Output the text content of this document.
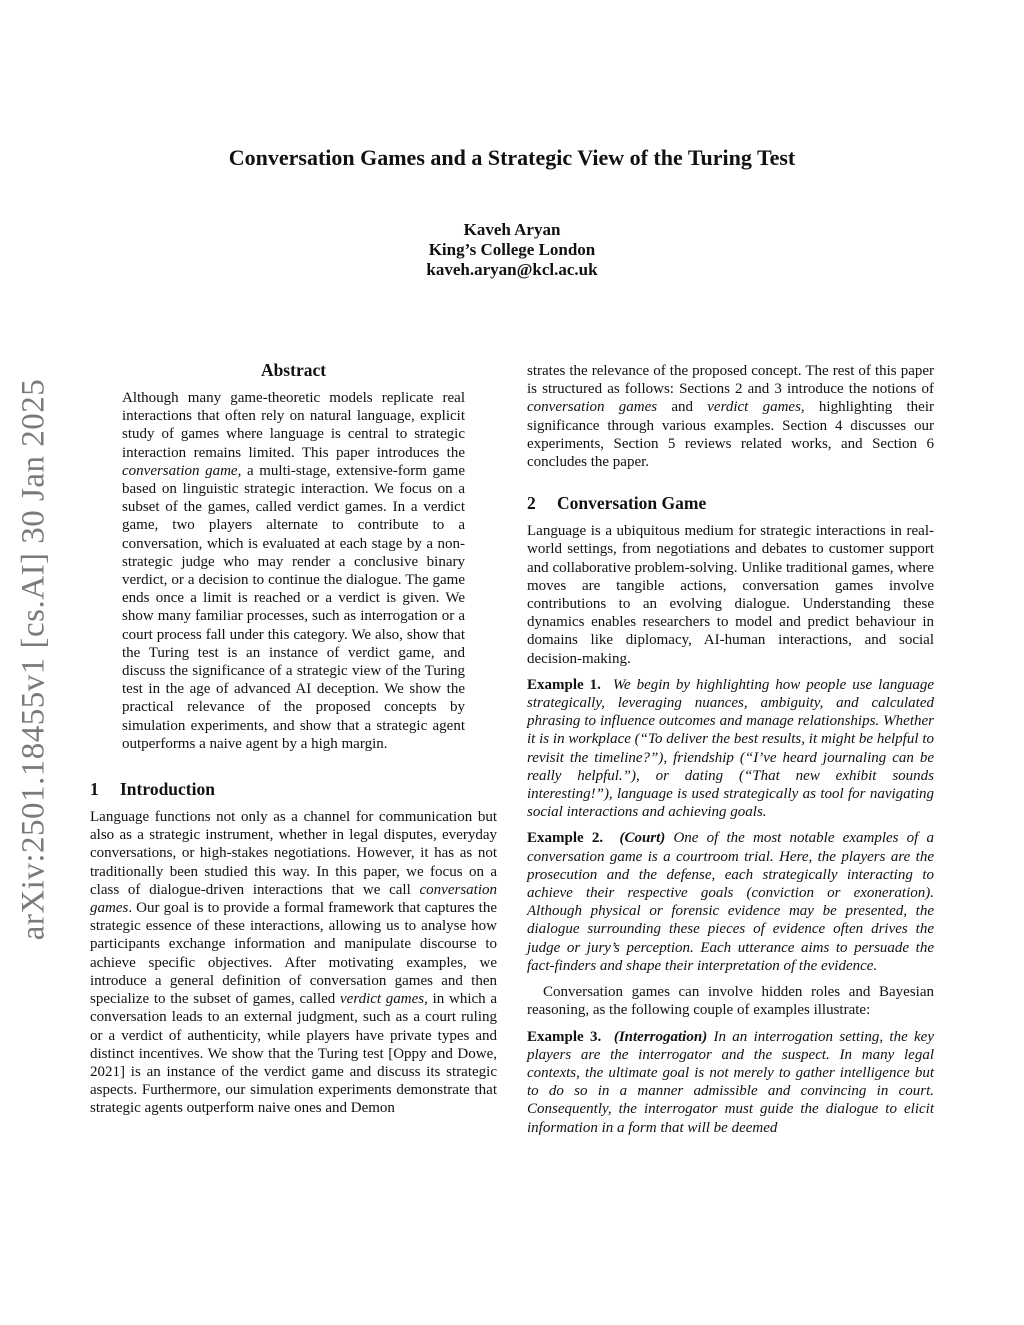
arXiv:2501.18455v1 [cs.AI] 30 Jan 2025
Conversation Games and a Strategic View of the Turing Test
Kaveh Aryan
King’s College London
kaveh.aryan@kcl.ac.uk
Abstract

Although many game-theoretic models replicate real interactions that often rely on natural language, explicit study of games where language is central to strategic interaction remains limited. This paper introduces the conversation game, a multi-stage, extensive-form game based on linguistic strategic interaction. We focus on a subset of the games, called verdict games. In a verdict game, two players alternate to contribute to a conversation, which is evaluated at each stage by a non-strategic judge who may render a conclusive binary verdict, or a decision to continue the dialogue. The game ends once a limit is reached or a verdict is given. We show many familiar processes, such as interrogation or a court process fall under this category. We also, show that the Turing test is an instance of verdict game, and discuss the significance of a strategic view of the Turing test in the age of advanced AI deception. We show the practical relevance of the proposed concepts by simulation experiments, and show that a strategic agent outperforms a naive agent by a high margin.

1 Introduction

Language functions not only as a channel for communication but also as a strategic instrument, whether in legal disputes, everyday conversations, or high-stakes negotiations. However, it has as not traditionally been studied this way. In this paper, we focus on a class of dialogue-driven interactions that we call conversation games. Our goal is to provide a formal framework that captures the strategic essence of these interactions, allowing us to analyse how participants exchange information and manipulate discourse to achieve specific objectives. After motivating examples, we introduce a general definition of conversation games and then specialize to the subset of games, called verdict games, in which a conversation leads to an external judgment, such as a court ruling or a verdict of authenticity, while players have private types and distinct incentives. We show that the Turing test [Oppy and Dowe, 2021] is an instance of the verdict game and discuss its strategic aspects. Furthermore, our simulation experiments demonstrate that strategic agents outperform naive ones and Demon

strates the relevance of the proposed concept. The rest of this paper is structured as follows: Sections 2 and 3 introduce the notions of conversation games and verdict games, highlighting their significance through various examples. Section 4 discusses our experiments, Section 5 reviews related works, and Section 6 concludes the paper.

2 Conversation Game

Language is a ubiquitous medium for strategic interactions in real-world settings, from negotiations and debates to customer support and collaborative problem-solving. Unlike traditional games, where moves are tangible actions, conversation games involve contributions to an evolving dialogue. Understanding these dynamics enables researchers to model and predict behaviour in domains like diplomacy, AI-human interactions, and social decision-making.

Example 1. We begin by highlighting how people use language strategically, leveraging nuances, ambiguity, and calculated phrasing to influence outcomes and manage relationships. Whether it is in workplace (“To deliver the best results, it might be helpful to revisit the timeline?”), friendship (“I’ve heard journaling can be really helpful.”), or dating (“That new exhibit sounds interesting!”), language is used strategically as tool for navigating social interactions and achieving goals.

Example 2. (Court) One of the most notable examples of a conversation game is a courtroom trial. Here, the players are the prosecution and the defense, each strategically interacting to achieve their respective goals (conviction or exoneration). Although physical or forensic evidence may be presented, the dialogue surrounding these pieces of evidence often drives the judge or jury’s perception. Each utterance aims to persuade the fact-finders and shape their interpretation of the evidence.

Conversation games can involve hidden roles and Bayesian reasoning, as the following couple of examples illustrate:

Example 3. (Interrogation) In an interrogation setting, the key players are the interrogator and the suspect. In many legal contexts, the ultimate goal is not merely to gather intelligence but to do so in a manner admissible and convincing in court. Consequently, the interrogator must guide the dialogue to elicit information in a form that will be deemed
